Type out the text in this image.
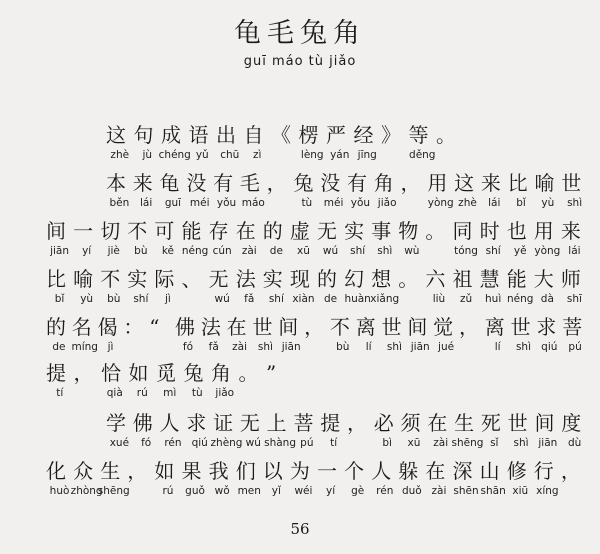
龟毛兔角
guī máo tù jiǎo
这
zhè
句
jù
成
chéng
语
yǔ
出
chū
自
zì
《 楞
lèng
严
yán
经
jīng
》 等
děng
。
本
běn
来
lái
龟
guī
没
méi
有
yǒu
毛
máo
， 兔
tù
没
méi
有
yǒu
角
jiǎo
， 用
yòng
这
zhè
来
lái
比
bǐ
喻
yù
世
shì
间
jiān
一
yí
切
jiè
不
bù
可
kě
能
néng
存
cún
在
zài
的
de
虚
xū
无
wú
实
shí
事
shì
物
wù
。 同
tóng
时
shí
也
yě
用
yòng
来
lái
比
bǐ
喻
yù
不
bù
实
shí
际
jì
、 无
wú
法
fǎ
实
shí
现
xiàn
的
de
幻
huàn
想
xiǎng
。 六
liù
祖
zǔ
慧
huì
能
néng
大
dà
师
shī
的
de
名
míng
偈
jì
： “ 佛
fó
法
fǎ
在
zài
世
shì
间
jiān
， 不
bù
离
lí
世
shì
间
jiān
觉
jué
， 离
lí
世
shì
求
qiú
菩
pú
提
tí
， 恰
qià
如
rú
觅
mì
兔
tù
角
jiǎo
。 ”
学
xué
佛
fó
人
rén
求
qiú
证
zhèng
无
wú
上
shàng
菩
pú
提
tí
， 必
bì
须
xū
在
zài
生
shēng
死
sǐ
世
shì
间
jiān
度
dù
化
huò
众
zhòng
生
shēng
， 如
rú
果
guǒ
我
wǒ
们
men
以
yǐ
为
wéi
一
yí
个
gè
人
rén
躲
duǒ
在
zài
深
shēn
山
shān
修
xiū
行
xíng
，
56
